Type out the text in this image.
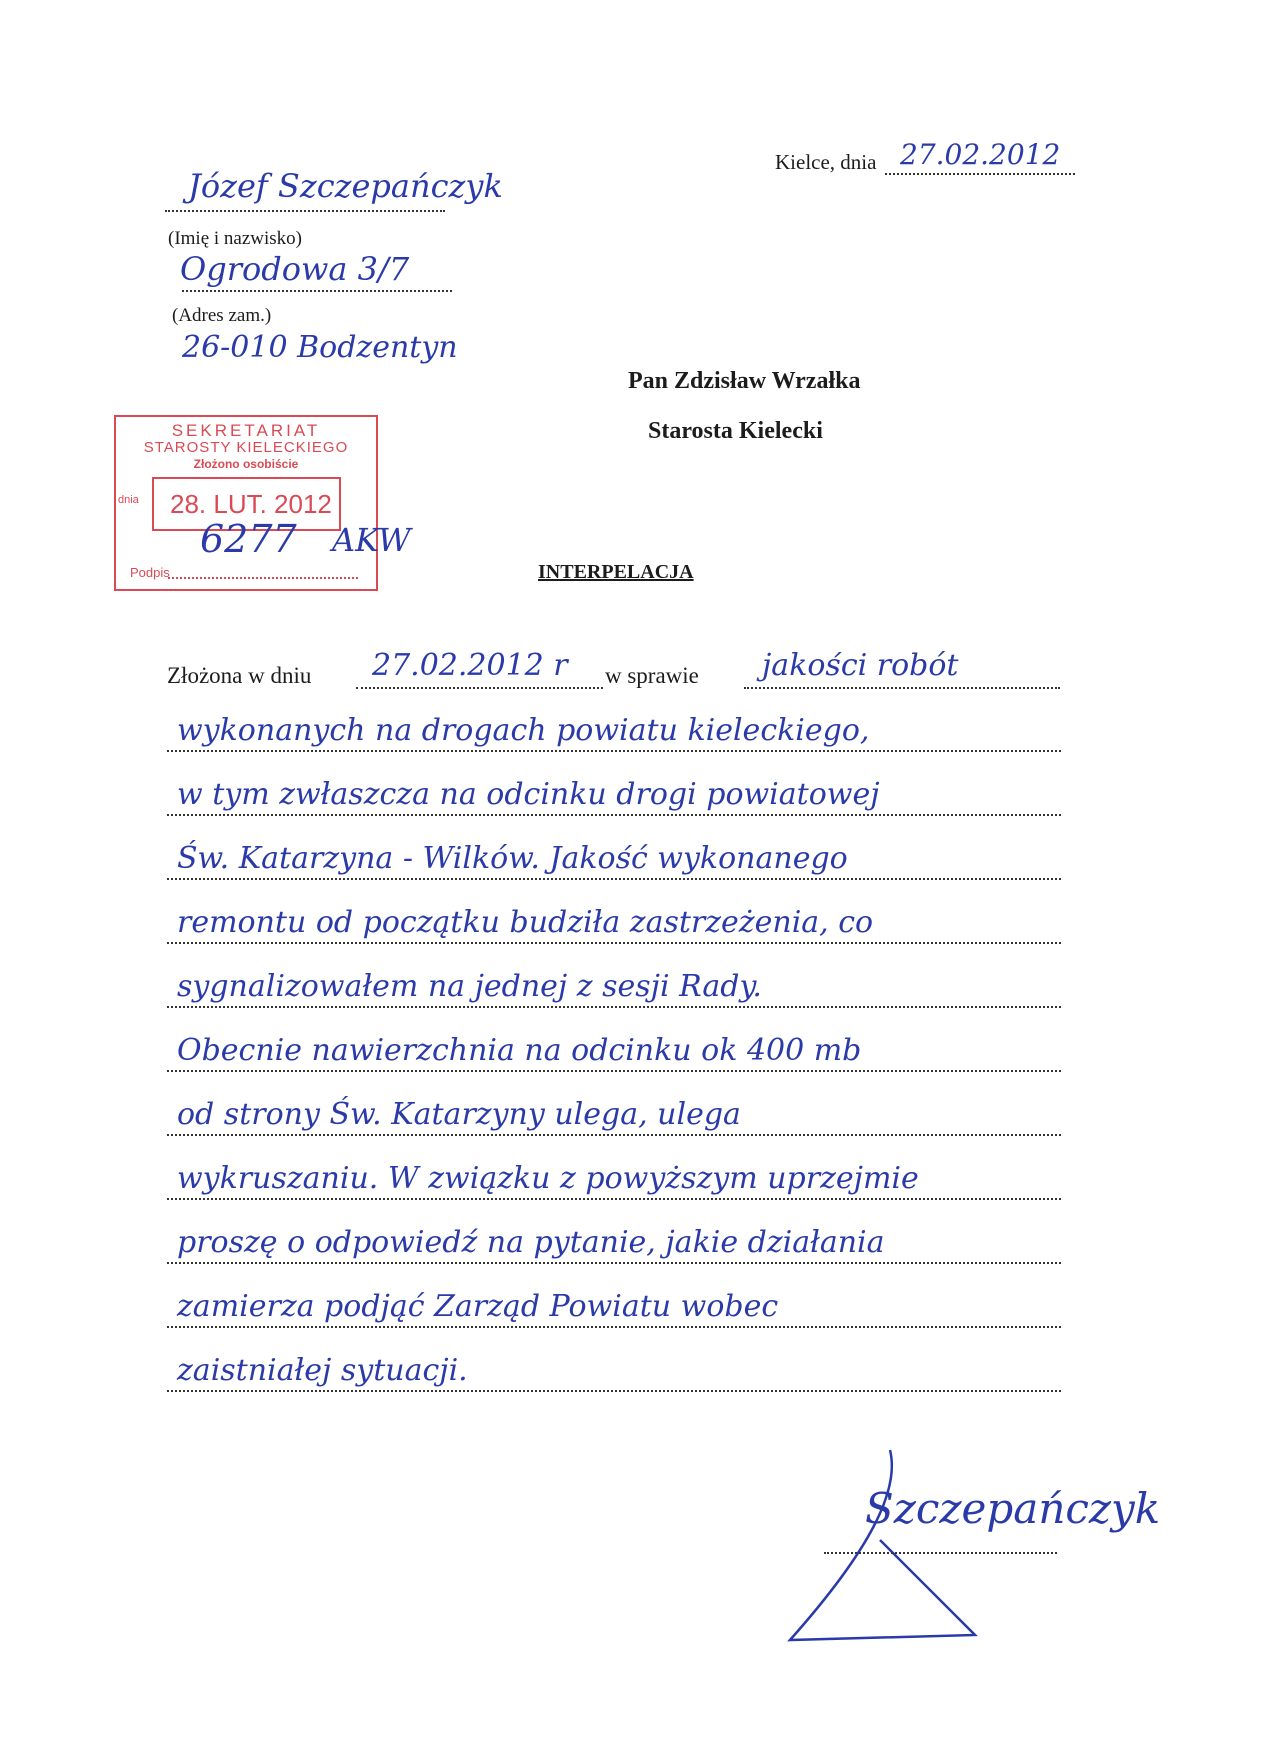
Kielce, dnia 27.02.2012
Józef Szczepańczyk
(Imię i nazwisko)
Ogrodowa 3/7
(Adres zam.)
26-010 Bodzentyn
Pan Zdzisław Wrzałka
Starosta Kielecki
SEKRETARIAT
STAROSTY KIELECKIEGO
Złożono osobiście
dnia 28. LUT. 2012
Podpis
6277 AKW
INTERPELACJA
Złożona w dniu 27.02.2012 r w sprawie jakości robót
wykonanych na drogach powiatu kieleckiego,
w tym zwłaszcza na odcinku drogi powiatowej
Św. Katarzyna - Wilków. Jakość wykonanego
remontu od początku budziła zastrzeżenia, co
sygnalizowałem na jednej z sesji Rady.
Obecnie nawierzchnia na odcinku ok 400 mb
od strony Św. Katarzyny ulega, ulega
wykruszaniu. W związku z powyższym uprzejmie
proszę o odpowiedź na pytanie, jakie działania
zamierza podjąć Zarząd Powiatu wobec
zaistniałej sytuacji.
Szczepańczyk
